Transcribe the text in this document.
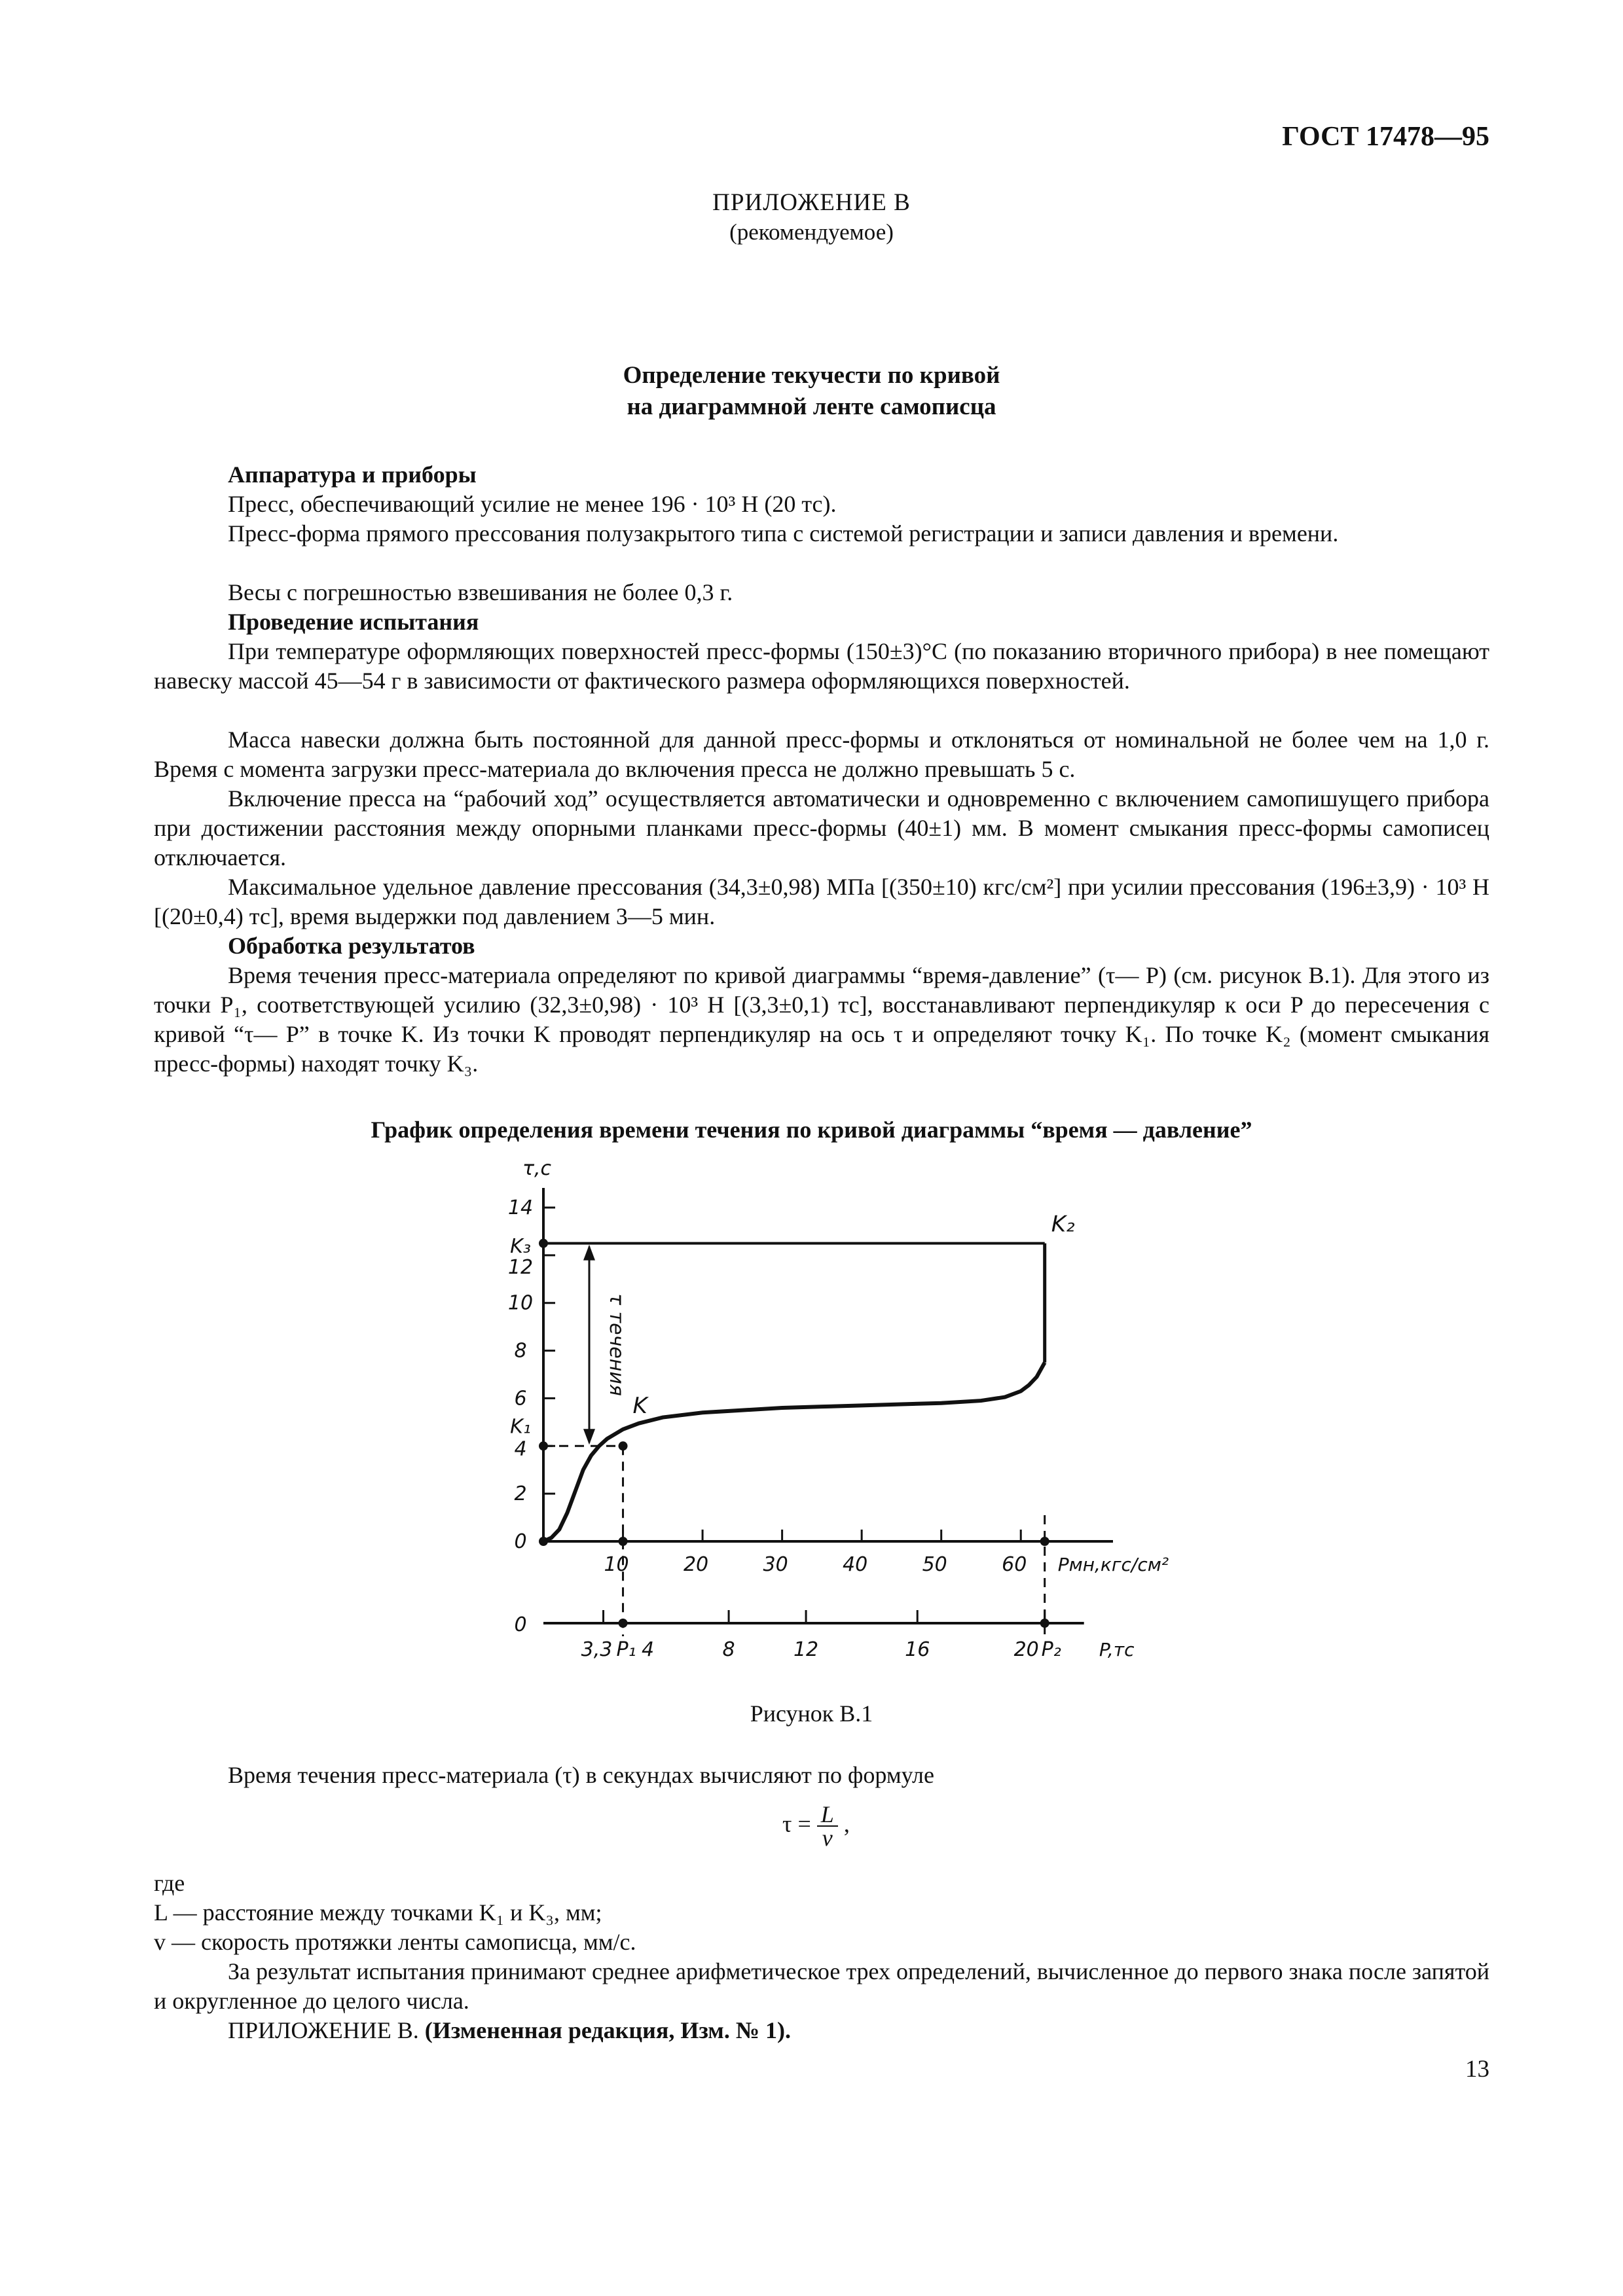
ГОСТ 17478—95
ПРИЛОЖЕНИЕ В
(рекомендуемое)
Определение текучести по кривой
на диаграммной ленте самописца

Аппаратура и приборы

Пресс, обеспечивающий усилие не менее 196 · 10³ Н (20 тс).

Пресс-форма прямого прессования полузакрытого типа с системой регистрации и записи давления и времени.

Весы с погрешностью взвешивания не более 0,3 г.

Проведение испытания

При температуре оформляющих поверхностей пресс-формы (150±3)°С (по показанию вторичного прибора) в нее помещают навеску массой 45—54 г в зависимости от фактического размера оформляющихся поверхностей.

Масса навески должна быть постоянной для данной пресс-формы и отклоняться от номинальной не более чем на 1,0 г. Время с момента загрузки пресс-материала до включения пресса не должно превышать 5 с.

Включение пресса на “рабочий ход” осуществляется автоматически и одновременно с включением самопишущего прибора при достижении расстояния между опорными планками пресс-формы (40±1) мм. В момент смыкания пресс-формы самописец отключается.

Максимальное удельное давление прессования (34,3±0,98) МПа [(350±10) кгс/см²] при усилии прессования (196±3,9) · 10³ Н [(20±0,4) тс], время выдержки под давлением 3—5 мин.

Обработка результатов

Время течения пресс-материала определяют по кривой диаграммы “время-давление” (τ— P) (см. рисунок В.1). Для этого из точки P₁, соответствующей усилию (32,3±0,98) · 10³ Н [(3,3±0,1) тс], восстанавливают перпендикуляр к оси P до пересечения с кривой “τ— P” в точке K. Из точки K проводят перпендикуляр на ось τ и определяют точку K₁. По точке K₂ (момент смыкания пресс-формы) находят точку K₃.

График определения времени течения по кривой диаграммы “время — давление”
0
2
6
8
10
14
K₃
12
K₁
4
τ,с
10	20	30	40	50	60 Pмн,кгс/см²
3,3 P₁ 4	8	12	16	20 P₂ P,тс
0
K₂
K
τ течения
Рисунок В.1

Время течения пресс-материала (τ) в секундах вычисляют по формуле

$\tau = \frac{L}{v}$ ,

где

L — расстояние между точками K₁ и K₃, мм;

v — скорость протяжки ленты самописца, мм/с.

За результат испытания принимают среднее арифметическое трех определений, вычисленное до первого знака после запятой и округленное до целого числа.

ПРИЛОЖЕНИЕ В. (Измененная редакция, Изм. № 1).

13
